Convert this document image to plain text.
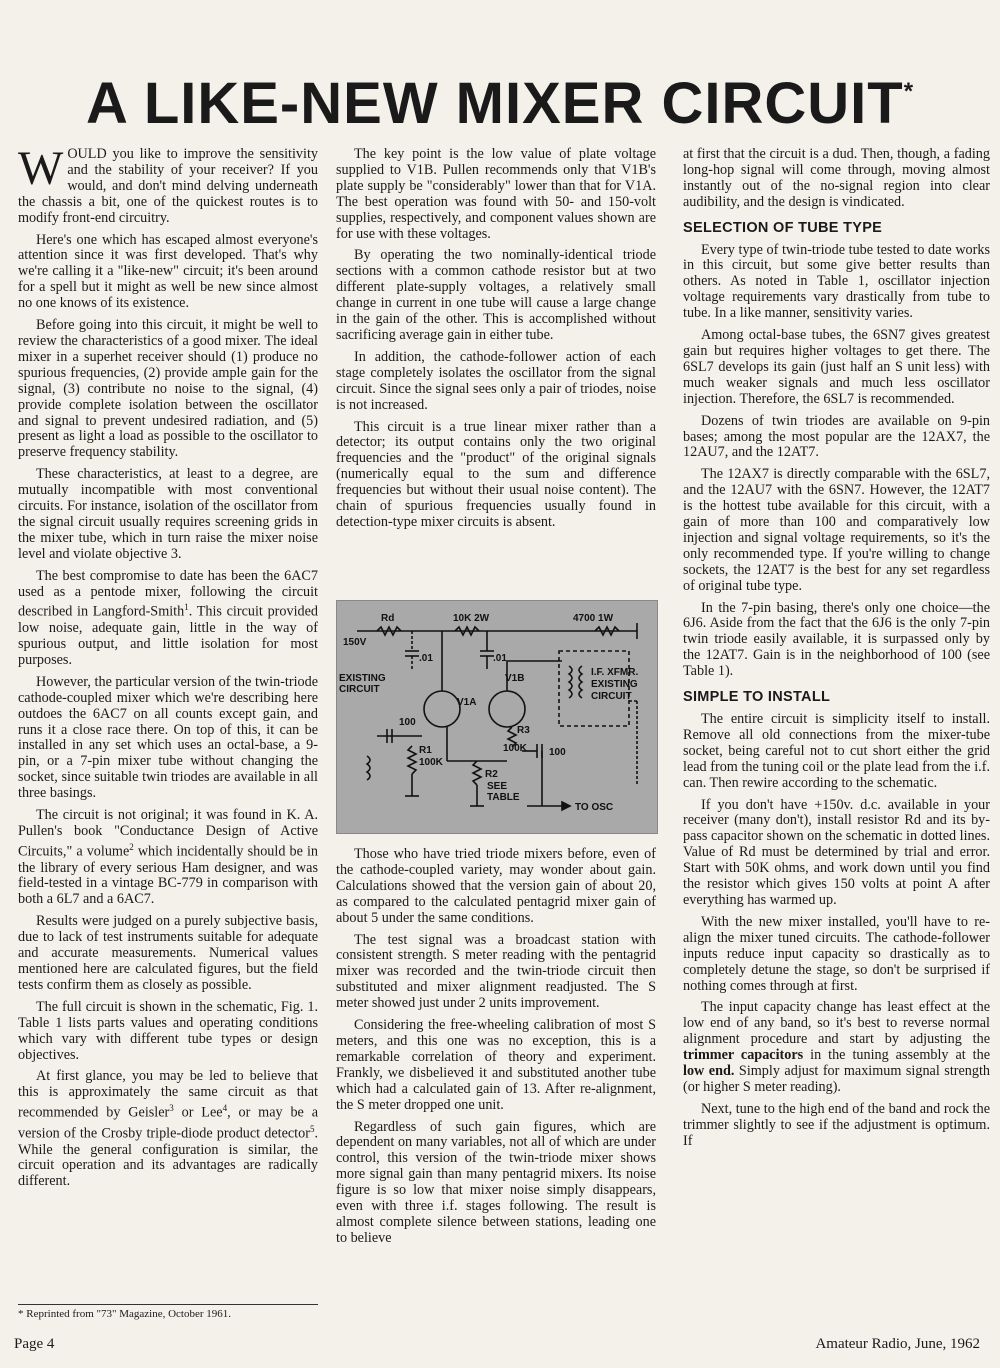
A LIKE-NEW MIXER CIRCUIT*

WOULD you like to improve the sensitivity and the stability of your receiver? If you would, and don't mind delving underneath the chassis a bit, one of the quickest routes is to modify front-end circuitry.

Here's one which has escaped almost everyone's attention since it was first developed. That's why we're calling it a "like-new" circuit; it's been around for a spell but it might as well be new since almost no one knows of its existence.

Before going into this circuit, it might be well to review the characteristics of a good mixer. The ideal mixer in a superhet receiver should (1) produce no spurious frequencies, (2) provide ample gain for the signal, (3) contribute no noise to the signal, (4) provide complete isolation between the oscillator and signal to prevent undesired radiation, and (5) present as light a load as possible to the oscillator to preserve frequency stability.

These characteristics, at least to a degree, are mutually incompatible with most conventional circuits. For instance, isolation of the oscillator from the signal circuit usually requires screening grids in the mixer tube, which in turn raise the mixer noise level and violate objective 3.

The best compromise to date has been the 6AC7 used as a pentode mixer, following the circuit described in Langford-Smith$^1$. This circuit provided low noise, adequate gain, little in the way of spurious output, and little isolation for most purposes.

However, the particular version of the twin-triode cathode-coupled mixer which we're describing here outdoes the 6AC7 on all counts except gain, and runs it a close race there. On top of this, it can be installed in any set which uses an octal-base, a 9-pin, or a 7-pin mixer tube without changing the socket, since suitable twin triodes are available in all three basings.

The circuit is not original; it was found in K. A. Pullen's book "Conductance Design of Active Circuits," a volume$^2$ which incidentally should be in the library of every serious Ham designer, and was field-tested in a vintage BC-779 in comparison with both a 6L7 and a 6AC7.

Results were judged on a purely subjective basis, due to lack of test instruments suitable for adequate and accurate measurements. Numerical values mentioned here are calculated figures, but the field tests confirm them as closely as possible.

The full circuit is shown in the schematic, Fig. 1. Table 1 lists parts values and operating conditions which vary with different tube types or design objectives.

At first glance, you may be led to believe that this is approximately the same circuit as that recommended by Geisler$^3$ or Lee$^4$, or may be a version of the Crosby triple-diode product detector$^5$. While the general configuration is similar, the circuit operation and its advantages are radically different.

* Reprinted from "73" Magazine, October 1961.

The key point is the low value of plate voltage supplied to V1B. Pullen recommends only that V1B's plate supply be "considerably" lower than that for V1A. The best operation was found with 50- and 150-volt supplies, respectively, and component values shown are for use with these voltages.

By operating the two nominally-identical triode sections with a common cathode resistor but at two different plate-supply voltages, a relatively small change in current in one tube will cause a large change in the gain of the other. This is accomplished without sacrificing average gain in either tube.

In addition, the cathode-follower action of each stage completely isolates the oscillator from the signal circuit. Since the signal sees only a pair of triodes, noise is not increased.

This circuit is a true linear mixer rather than a detector; its output contains only the two original frequencies and the "product" of the original signals (numerically equal to the sum and difference frequencies but without their usual noise content). The chain of spurious frequencies usually found in detection-type mixer circuits is absent.

Those who have tried triode mixers before, even of the cathode-coupled variety, may wonder about gain. Calculations showed that the version gain of about 20, as compared to the calculated pentagrid mixer gain of about 5 under the same conditions.

The test signal was a broadcast station with consistent strength. S meter reading with the pentagrid mixer was recorded and the twin-triode circuit then substituted and mixer alignment readjusted. The S meter showed just under 2 units improvement.

Considering the free-wheeling calibration of most S meters, and this one was no exception, this is a remarkable correlation of theory and experiment. Frankly, we disbelieved it and substituted another tube which had a calculated gain of 13. After re-alignment, the S meter dropped one unit.

Regardless of such gain figures, which are dependent on many variables, not all of which are under control, this version of the twin-triode mixer shows more signal gain than many pentagrid mixers. Its noise figure is so low that mixer noise simply disappears, even with three i.f. stages following. The result is almost complete silence between stations, leading one to believe

150V
Rd	10K 2W	4700 1W
.01	.01
EXISTING
CIRCUIT
100
V1A
V1B
R1
100K
R3
100K
R2
SEE
TABLE
100
TO OSC
I.F. XFMR.
EXISTING
CIRCUIT

at first that the circuit is a dud. Then, though, a fading long-hop signal will come through, moving almost instantly out of the no-signal region into clear audibility, and the design is vindicated.

SELECTION OF TUBE TYPE

Every type of twin-triode tube tested to date works in this circuit, but some give better results than others. As noted in Table 1, oscillator injection voltage requirements vary drastically from tube to tube. In a like manner, sensitivity varies.

Among octal-base tubes, the 6SN7 gives greatest gain but requires higher voltages to get there. The 6SL7 develops its gain (just half an S unit less) with much weaker signals and much less oscillator injection. Therefore, the 6SL7 is recommended.

Dozens of twin triodes are available on 9-pin bases; among the most popular are the 12AX7, the 12AU7, and the 12AT7.

The 12AX7 is directly comparable with the 6SL7, and the 12AU7 with the 6SN7. However, the 12AT7 is the hottest tube available for this circuit, with a gain of more than 100 and comparatively low injection and signal voltage requirements, so it's the only recommended type. If you're willing to change sockets, the 12AT7 is the best for any set regardless of original tube type.

In the 7-pin basing, there's only one choice—the 6J6. Aside from the fact that the 6J6 is the only 7-pin twin triode easily available, it is surpassed only by the 12AT7. Gain is in the neighborhood of 100 (see Table 1).

SIMPLE TO INSTALL

The entire circuit is simplicity itself to install. Remove all old connections from the mixer-tube socket, being careful not to cut short either the grid lead from the tuning coil or the plate lead from the i.f. can. Then rewire according to the schematic.

If you don't have +150v. d.c. available in your receiver (many don't), install resistor Rd and its by-pass capacitor shown on the schematic in dotted lines. Value of Rd must be determined by trial and error. Start with 50K ohms, and work down until you find the resistor which gives 150 volts at point A after everything has warmed up.

With the new mixer installed, you'll have to re-align the mixer tuned circuits. The cathode-follower inputs reduce input capacity so drastically as to completely detune the stage, so don't be surprised if nothing comes through at first.

The input capacity change has least effect at the low end of any band, so it's best to reverse normal alignment procedure and start by adjusting the trimmer capacitors in the tuning assembly at the low end. Simply adjust for maximum signal strength (or higher S meter reading).

Next, tune to the high end of the band and rock the trimmer slightly to see if the adjustment is optimum. If

Page 4	Amateur Radio, June, 1962
